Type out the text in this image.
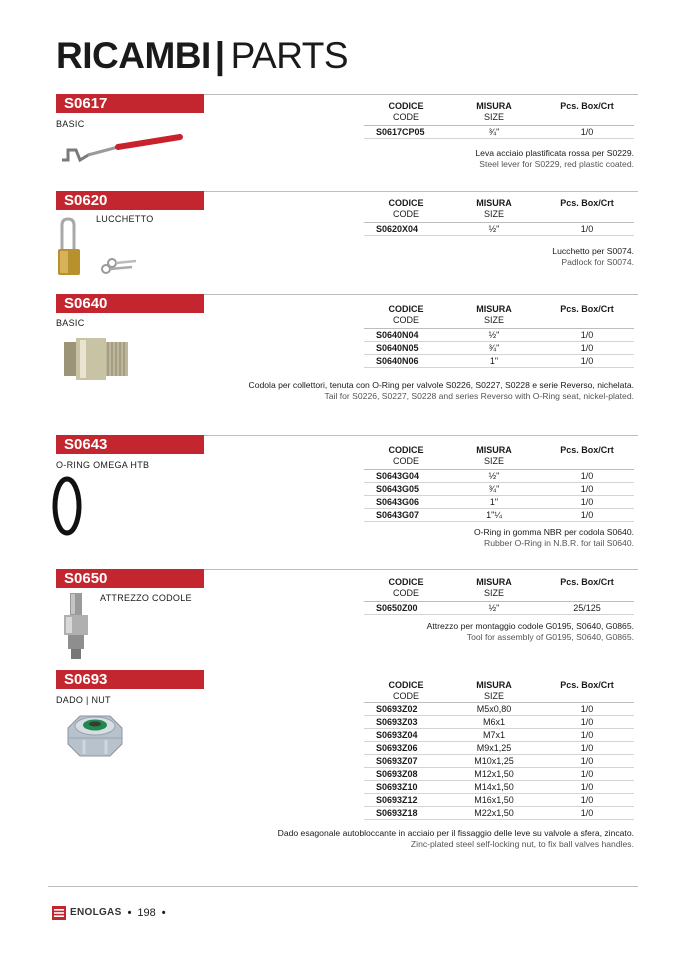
RICAMBI | PARTS
S0617
BASIC
CODICE
CODE
MISURA
SIZE
Pcs. Box/Crt
S0617CP05	¾"	1/0
Leva acciaio plastificata rossa per S0229.
Steel lever for S0229, red plastic coated.
S0620
LUCCHETTO
CODICE
CODE
MISURA
SIZE
Pcs. Box/Crt
S0620X04	½"	1/0
Lucchetto per S0074.
Padlock for S0074.
S0640
BASIC
CODICE
CODE
MISURA
SIZE
Pcs. Box/Crt
S0640N04	½"	1/0
S0640N05	¾"	1/0
S0640N06	1"	1/0
Codola per collettori, tenuta con O-Ring per valvole S0226, S0227, S0228 e serie Reverso, nichelata.
Tail for S0226, S0227, S0228 and series Reverso with O-Ring seat, nickel-plated.
S0643
O-RING OMEGA HTB
CODICE
CODE
MISURA
SIZE
Pcs. Box/Crt
S0643G04	½"	1/0
S0643G05	¾"	1/0
S0643G06	1"	1/0
S0643G07	1"¼	1/0
O-Ring in gomma NBR per codola S0640.
Rubber O-Ring in N.B.R. for tail S0640.
S0650
ATTREZZO CODOLE
CODICE
CODE
MISURA
SIZE
Pcs. Box/Crt
S0650Z00	½"	25/125
Attrezzo per montaggio codole G0195, S0640, G0865.
Tool for assembly of G0195, S0640, G0865.
S0693
DADO | NUT
CODICE
CODE
MISURA
SIZE
Pcs. Box/Crt
S0693Z02	M5x0,80	1/0
S0693Z03	M6x1	1/0
S0693Z04	M7x1	1/0
S0693Z06	M9x1,25	1/0
S0693Z07	M10x1,25	1/0
S0693Z08	M12x1,50	1/0
S0693Z10	M14x1,50	1/0
S0693Z12	M16x1,50	1/0
S0693Z18	M22x1,50	1/0
Dado esagonale autobloccante in acciaio per il fissaggio delle leve su valvole a sfera, zincato.
Zinc-plated steel self-locking nut, to fix ball valves handles.
ENOLGAS • 198 •
